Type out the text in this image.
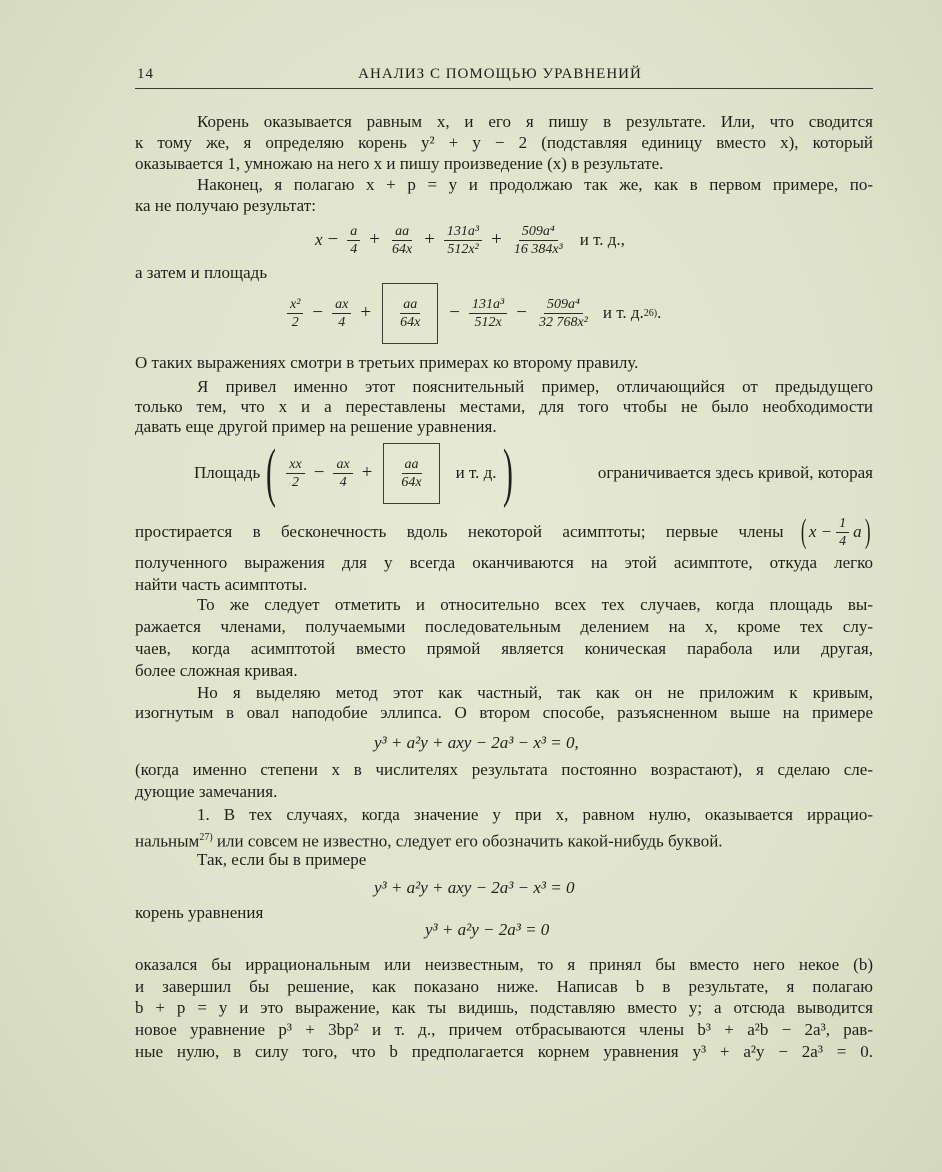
14	АНАЛИЗ С ПОМОЩЬЮ УРАВНЕНИЙ
Корень оказывается равным x, и его я пишу в результате. Или, что сводится
к тому же, я определяю корень y² + y − 2 (подставляя единицу вместо x), который
оказывается 1, умножаю на него x и пишу произведение (x) в результате.
Наконец, я полагаю x + p = y и продолжаю так же, как в первом примере, по-
ка не получаю результат:
$x - \frac{a}{4} + \frac{aa}{64x} + \frac{\text{131a³}}{\text{512x²}} + \frac{\text{509a⁴}}{\text{16 384x³}}$ и т. д.,
а затем и площадь
$\frac{\text{x²}}{2} - \frac{ax}{4} + \frac{aa}{64x} - \frac{\text{131a³}}{512x} - \frac{\text{509a⁴}}{\text{32 768x²}}$ и т. д. 26) .
О таких выражениях смотри в третьих примерах ко второму правилу.
Я привел именно этот пояснительный пример, отличающийся от предыдущего
только тем, что x и a переставлены местами, для того чтобы не было необходимости
давать еще другой пример на решение уравнения.
Площадь ( $\frac{xx}{2} - \frac{ax}{4} + \frac{aa}{64x}$ и т. д. )	ограничивается здесь кривой, которая
простирается в бесконечность вдоль некоторой асимптоты; первые члены ( $x - \frac{1}{4}$ a )
полученного выражения для y всегда оканчиваются на этой асимптоте, откуда легко
найти часть асимптоты.
То же следует отметить и относительно всех тех случаев, когда площадь вы-
ражается членами, получаемыми последовательным делением на x, кроме тех слу-
чаев, когда асимптотой вместо прямой является коническая парабола или другая,
более сложная кривая.
Но я выделяю метод этот как частный, так как он не приложим к кривым,
изогнутым в овал наподобие эллипса. О втором способе, разъясненном выше на примере
y³ + a²y + axy − 2a³ − x³ = 0,
(когда именно степени x в числителях результата постоянно возрастают), я сделаю сле-
дующие замечания.
1. В тех случаях, когда значение y при x, равном нулю, оказывается иррацио-
нальным$^{27)}$ или совсем не известно, следует его обозначить какой-нибудь буквой.
Так, если бы в примере
y³ + a²y + axy − 2a³ − x³ = 0
корень уравнения
y³ + a²y − 2a³ = 0
оказался бы иррациональным или неизвестным, то я принял бы вместо него некое (b)
и завершил бы решение, как показано ниже. Написав b в результате, я полагаю
b + p = y и это выражение, как ты видишь, подставляю вместо y; а отсюда выводится
новое уравнение p³ + 3bp² и т. д., причем отбрасываются члены b³ + a²b − 2a³, рав-
ные нулю, в силу того, что b предполагается корнем уравнения y³ + a²y − 2a³ = 0.
